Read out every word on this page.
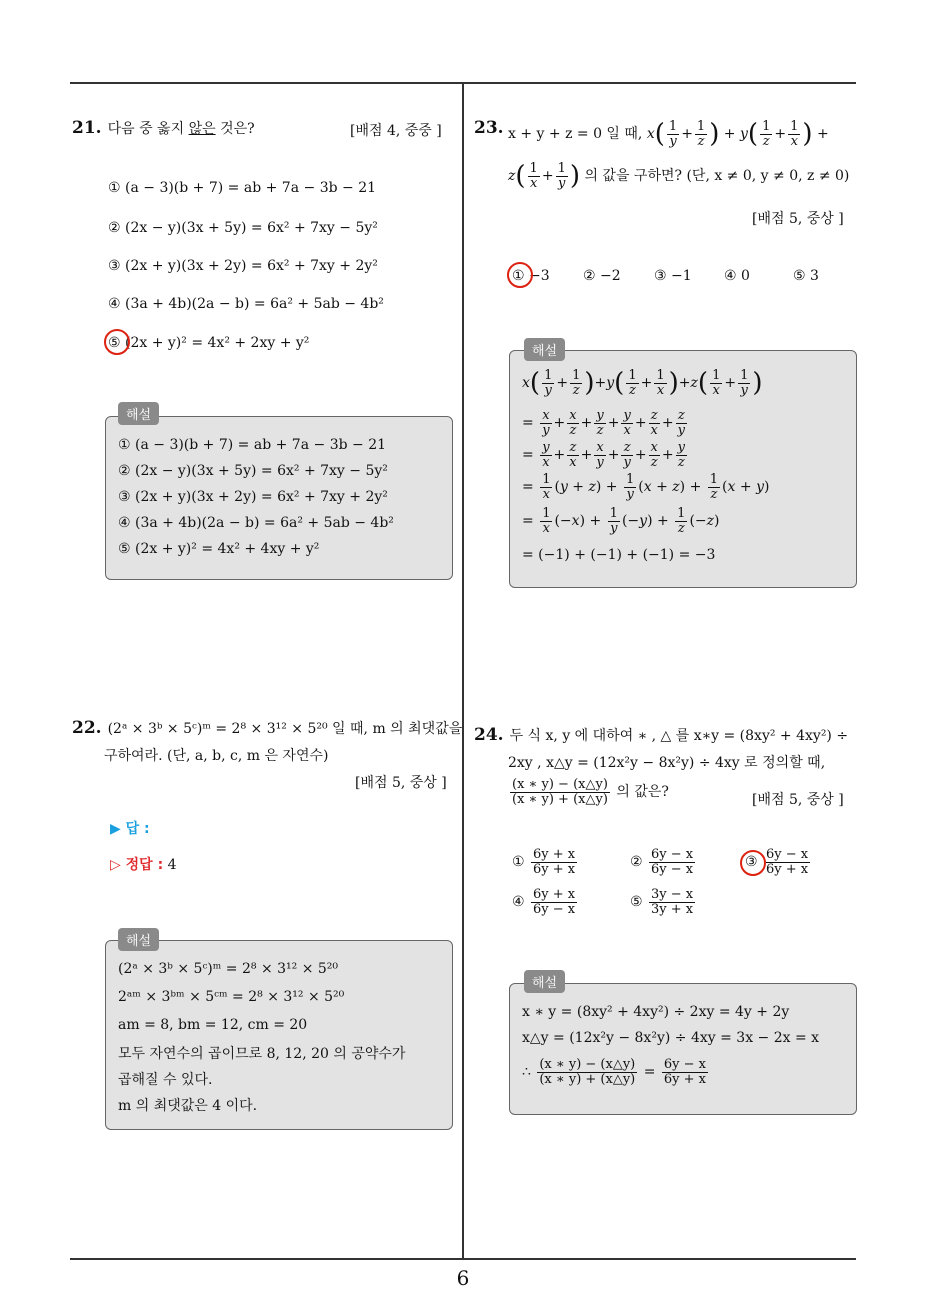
21. 다음 중 옳지 않은 것은?	[배점 4, 중중 ]
① (a − 3)(b + 7) = ab + 7a − 3b − 21
② (2x − y)(3x + 5y) = 6x² + 7xy − 5y²
③ (2x + y)(3x + 2y) = 6x² + 7xy + 2y²
④ (3a + 4b)(2a − b) = 6a² + 5ab − 4b²
⑤ (2x + y)² = 4x² + 2xy + y²
① (a − 3)(b + 7) = ab + 7a − 3b − 21
② (2x − y)(3x + 5y) = 6x² + 7xy − 5y²
③ (2x + y)(3x + 2y) = 6x² + 7xy + 2y²
④ (3a + 4b)(2a − b) = 6a² + 5ab − 4b²
⑤ (2x + y)² = 4x² + 4xy + y²
해설
22. (2ᵃ × 3ᵇ × 5ᶜ)ᵐ = 2⁸ × 3¹² × 5²⁰ 일 때, m 의 최댓값을
구하여라. (단, a, b, c, m 은 자연수)
[배점 5, 중상 ]
▶ 답 :
▷ 정답 : 4
(2ᵃ × 3ᵇ × 5ᶜ)ᵐ = 2⁸ × 3¹² × 5²⁰
2ᵃᵐ × 3ᵇᵐ × 5ᶜᵐ = 2⁸ × 3¹² × 5²⁰
am = 8, bm = 12, cm = 20
모두 자연수의 곱이므로 8, 12, 20 의 공약수가
곱해질 수 있다.
m 의 최댓값은 4 이다.
해설
23. x + y + z = 0 일 때, $x( \frac{1}{y} + \frac{1}{z}$ ) + $y( \frac{1}{z} + \frac{1}{x}$ ) +
$z( \frac{1}{x} + \frac{1}{y}$ ) 의 값을 구하면? (단, x ≠ 0, y ≠ 0, z ≠ 0)
[배점 5, 중상 ]
① −3 ② −2 ③ −1 ④ 0	⑤ 3
$x( \frac{1}{y} + \frac{1}{z} )+y( \frac{1}{z} + \frac{1}{x} )+z( \frac{1}{x} + \frac{1}{y}$ )
= $\frac{x}{y} + \frac{x}{z} + \frac{y}{z} + \frac{y}{x} + \frac{z}{x} + \frac{z}{y}$
= $\frac{y}{x} + \frac{z}{x} + \frac{x}{y} + \frac{z}{y} + \frac{x}{z} + \frac{y}{z}$
= $\frac{1}{x} (y + z) + \frac{1}{y} (x + z) + \frac{1}{z} (x + y)$
= $\frac{1}{x} (-x) + \frac{1}{y} (-y) + \frac{1}{z} (-z)$
= (−1) + (−1) + (−1) = −3
해설
24. 두 식 x, y 에 대하여 ∗ , △ 를 x∗y = (8xy² + 4xy²) ÷
2xy , x△y = (12x²y − 8x²y) ÷ 4xy 로 정의할 때,
$\frac{(x ∗ y) - (x\triangle y)}{(x ∗ y) + (x\triangle y)}$ 의 값은?	[배점 5, 중상 ]
① $\frac{6y + x}{6y + x}$	② $\frac{6y - x}{6y - x}$	③ $\frac{6y - x}{6y + x}$
④ $\frac{6y + x}{6y - x}$	⑤ $\frac{3y - x}{3y + x}$
x ∗ y = (8xy² + 4xy²) ÷ 2xy = 4y + 2y
x△y = (12x²y − 8x²y) ÷ 4xy = 3x − 2x = x
∴ $\frac{(x ∗ y) - (x\triangle y)}{(x ∗ y) + (x\triangle y)} = \frac{6y - x}{6y + x}$
해설
6
